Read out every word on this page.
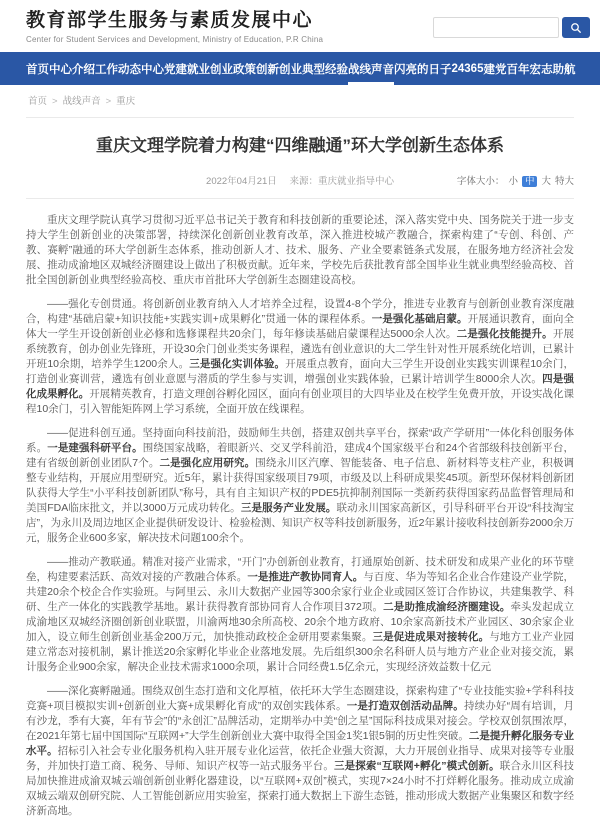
教育部学生服务与素质发展中心
Center for Student Services and Development, Ministry of Education, P.R China
首页 中心介绍 工作动态 中心党建 就业创业政策 创新创业典型经验 战线声音 闪亮的日子 24365 建党百年 宏志助航
首页 > 战线声音 > 重庆
重庆文理学院着力构建“四维融通”环大学创新生态体系
2022年04月21日 来源：重庆就业指导中心	字体大小： 小 中 大 特大

重庆文理学院认真学习贯彻习近平总书记关于教育和科技创新的重要论述，深入落实党中央、国务院关于进一步支持大学生创新创业的决策部署，持续深化创新创业教育改革，深入推进校城产教融合，探索构建了“专创、科创、产教、赛孵”融通的环大学创新生态体系，推动创新人才、技术、服务、产业全要素链条式发展，在服务地方经济社会发展、推动成渝地区双城经济圈建设上做出了积极贡献。近年来，学校先后获批教育部全国毕业生就业典型经验高校、首批全国创新创业典型经验高校、重庆市首批环大学创新生态圈建设高校。

——强化专创贯通。将创新创业教育纳入人才培养全过程，设置4-8个学分，推进专业教育与创新创业教育深度融合，构建“基础启蒙+知识技能+实践实训+成果孵化”贯通一体的课程体系。一是强化基础启蒙。开展通识教育，面向全体大一学生开设创新创业必修和选修课程共20余门，每年修读基础启蒙课程达5000余人次。二是强化技能提升。开展系统教育，创办创业先锋班，开设30余门创业类实务课程，遴选有创业意识的大二学生针对性开展系统化培训，已累计开班10余期，培养学生1200余人。三是强化实训体验。开展重点教育，面向大三学生开设创业实践实训课程10余门，打造创业赛训营，遴选有创业意愿与潜质的学生参与实训，增强创业实践体验，已累计培训学生8000余人次。四是强化成果孵化。开展精英教育，打造文理创谷孵化园区，面向有创业项目的大四毕业及在校学生免费开放，开设实战化课程10余门，引入智能矩阵网上学习系统，全面开放在线课程。

——促进科创互通。坚持面向科技前沿，鼓励师生共创，搭建双创共享平台，探索“政产学研用”一体化科创服务体系。一是建强科研平台。围绕国家战略，着眼新兴、交叉学科前沿，建成4个国家级平台和24个省部级科技创新平台，建有省级创新创业团队7个。二是强化应用研究。围绕永川区汽摩、智能装备、电子信息、新材料等支柱产业，积极调整专业结构，开展应用型研究。近5年，累计获得国家级项目79项，市级及以上科研成果奖45项。新型环保材料创新团队获得大学生“小平科技创新团队”称号，具有自主知识产权的PDE5抗抑制剂国际一类新药获得国家药品监督管理局和美国FDA临床批文，并以3000万元成功转化。三是服务产业发展。联动永川国家高新区，引导科研平台开设“科技淘宝店”，为永川及周边地区企业提供研发设计、检验检测、知识产权等科技创新服务，近2年累计接收科技创新券2000余万元，服务企业600多家，解决技术问题100余个。

——推动产教联通。精准对接产业需求，“开门”办创新创业教育，打通原始创新、技术研发和成果产业化的环节壁垒，构建要素活跃、高效对接的产教融合体系。一是推进产教协同育人。与百度、华为等知名企业合作建设产业学院，共建20余个校企合作实验班。与阿里云、永川大数据产业园等300余家行业企业或园区签订合作协议，共建集教学、科研、生产一体化的实践教学基地。累计获得教育部协同育人合作项目372项。二是助推成渝经济圈建设。牵头发起成立成渝地区双城经济圈创新创业联盟，川渝两地30余所高校、20余个地方政府、10余家高新技术产业园区、30余家企业加入，设立师生创新创业基金200万元，加快推动政校企金研用要素集聚。三是促进成果对接转化。与地方工业产业园建立常态对接机制，累计推送20余家孵化毕业企业落地发展。先后组织300余名科研人员与地方产业企业对接交流，累计服务企业900余家，解决企业技术需求1000余项，累计合同经费1.5亿余元，实现经济效益数十亿元

——深化赛孵融通。围绕双创生态打造和文化厚植，依托环大学生态圈建设，探索构建了“专业技能实验+学科科技竞赛+项目模拟实训+创新创业大赛+成果孵化育成”的双创实践体系。一是打造双创活动品牌。持续办好“周有培训，月有沙龙，季有大赛，年有节会”的“永创汇”品牌活动，定期举办中美“创之星”国际科技成果对接会。学校双创氛围浓厚，在2021年第七届中国国际“互联网+”大学生创新创业大赛中取得全国金1奖1银5铜的历史性突破。二是提升孵化服务专业水平。招标引入社会专业化服务机构入驻开展专业化运营，依托企业强大资源，大力开展创业指导、成果对接等专业服务，并加快打造工商、税务、导师、知识产权等一站式服务平台。三是探索“互联网+孵化”模式创新。联合永川区科技局加快推进成渝双城云端创新创业孵化器建设，以“互联网+双创”模式，实现7×24小时不打烊孵化服务。推动成立成渝双城云端双创研究院、人工智能创新应用实验室，探索打通大数据上下游生态链，推动形成大数据产业集聚区和数字经济新高地。
